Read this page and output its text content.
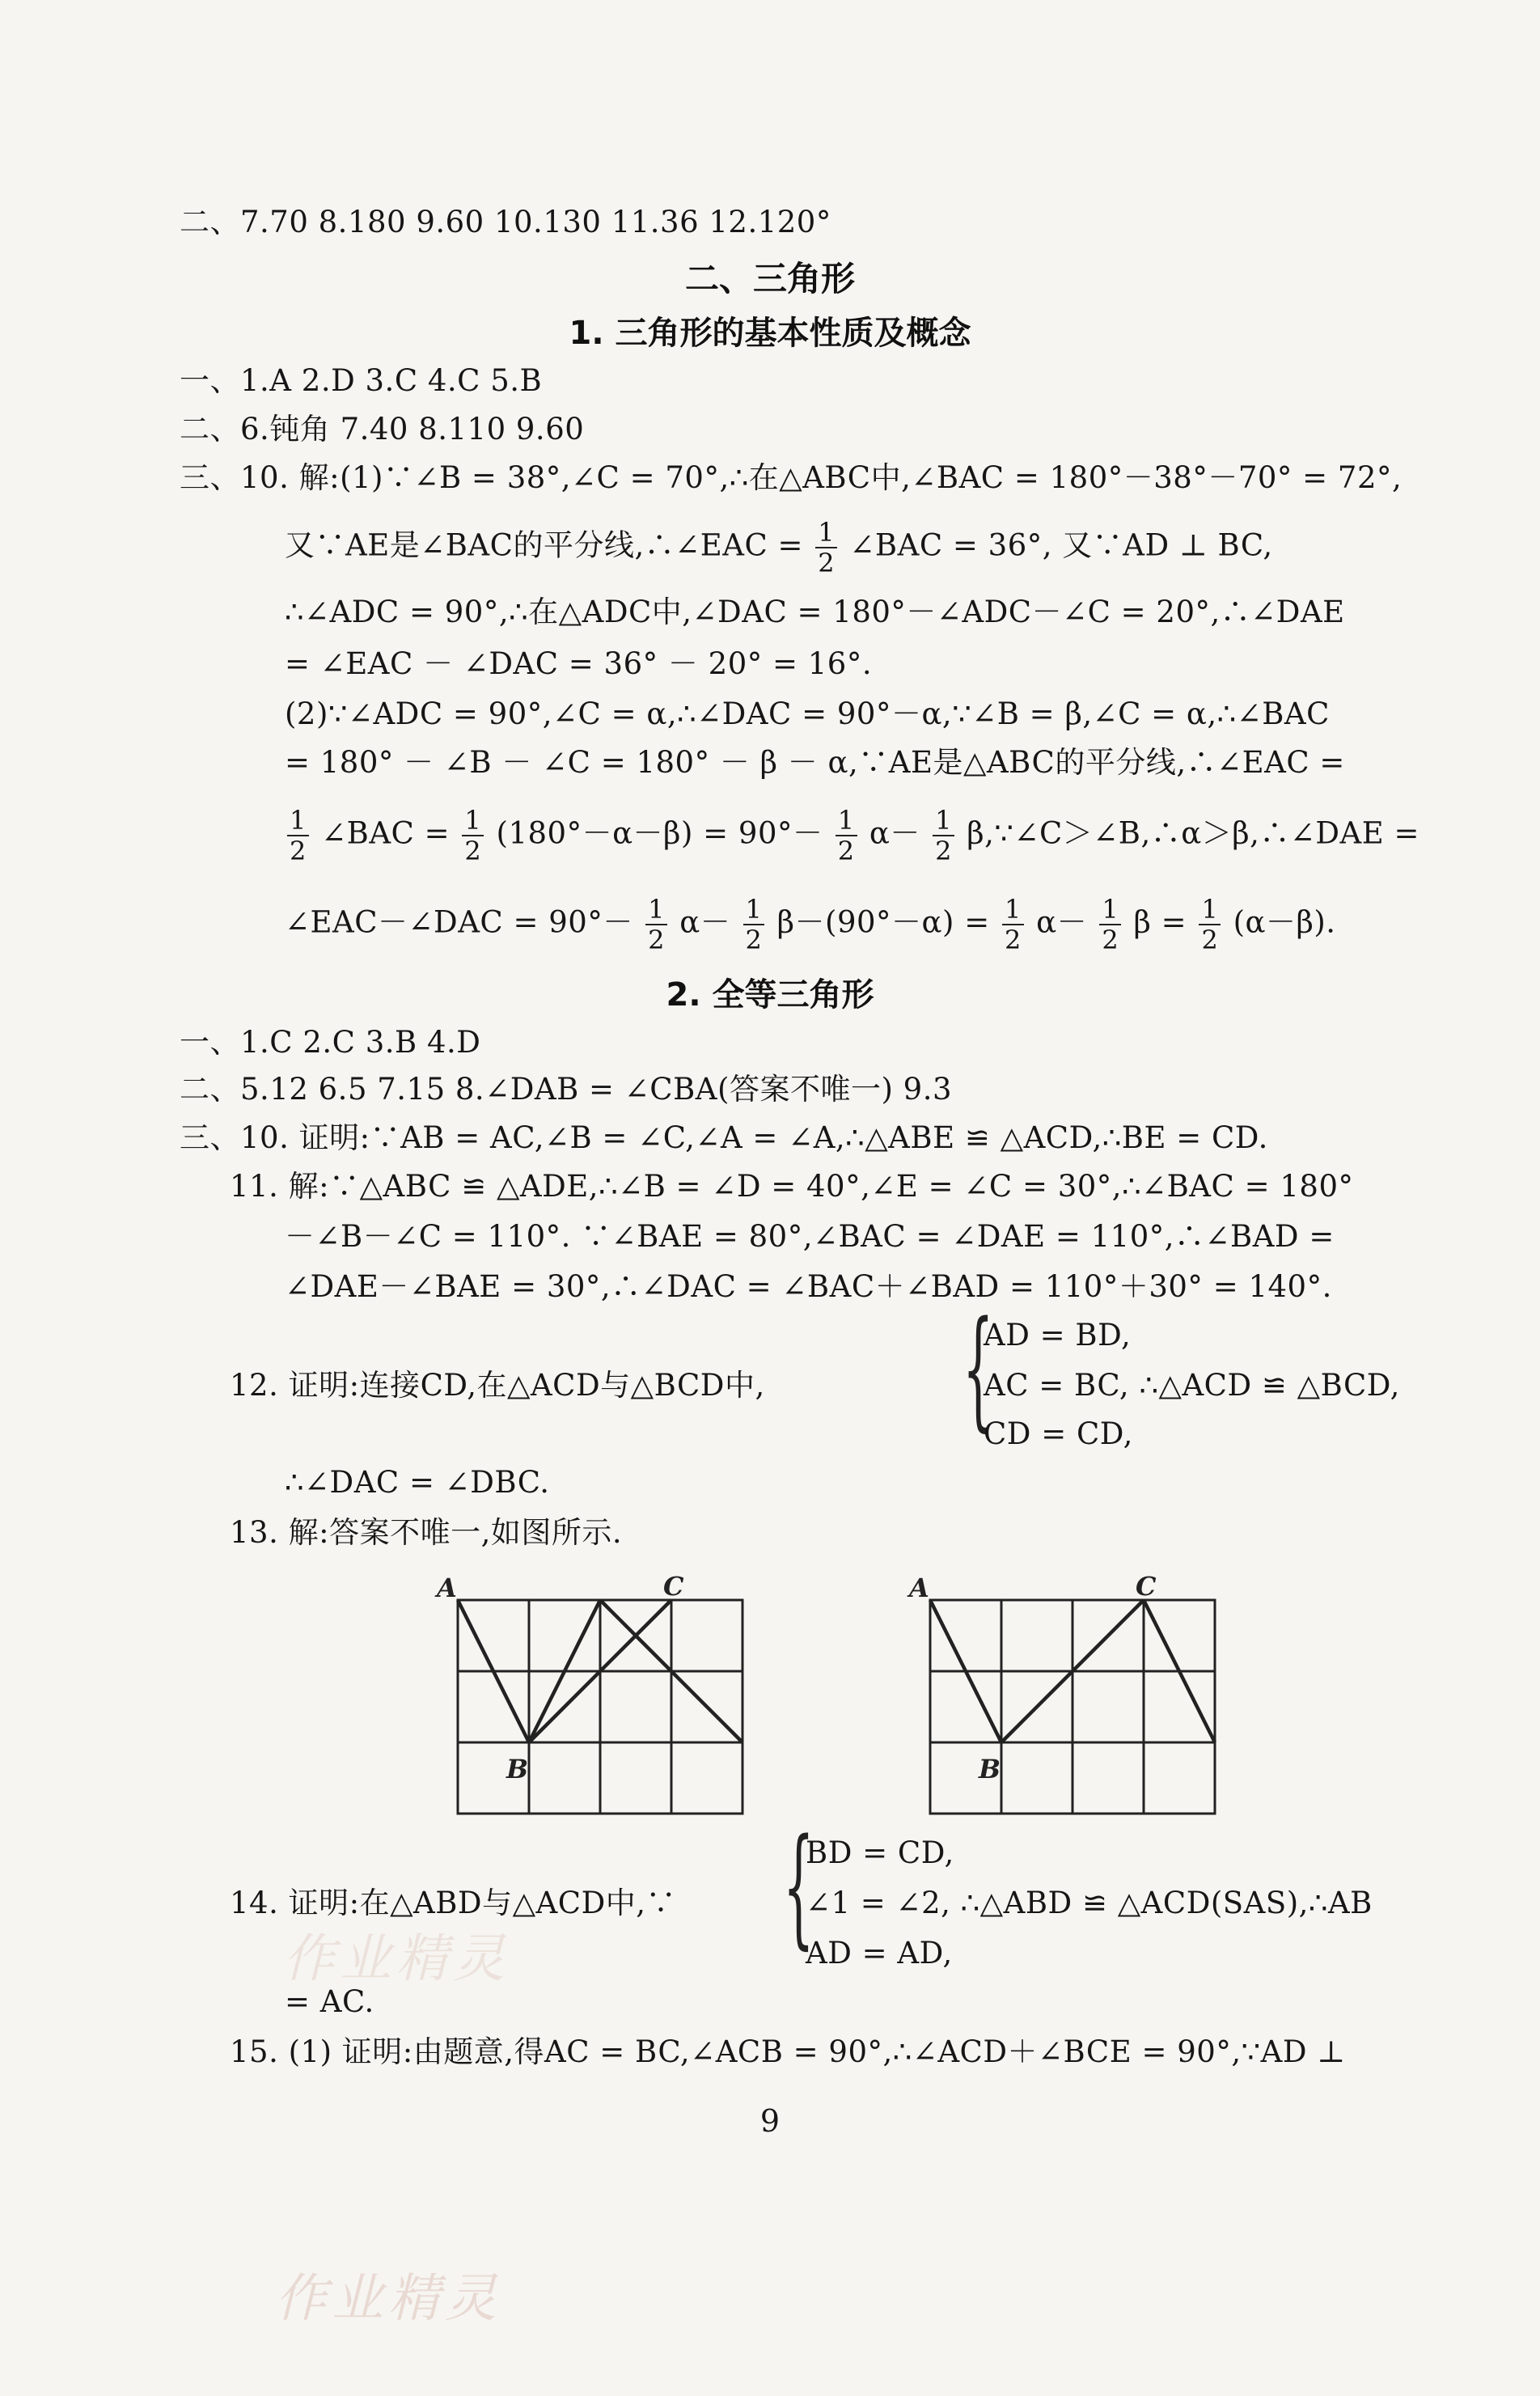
二、7.70 8.180 9.60 10.130 11.36 12.120°
二、三角形
1. 三角形的基本性质及概念
一、1.A 2.D 3.C 4.C 5.B
二、6.钝角 7.40 8.110 9.60
三、10. 解:(1)∵∠B = 38°,∠C = 70°,∴在△ABC中,∠BAC = 180°－38°－70° = 72°,
又∵AE是∠BAC的平分线,∴∠EAC = $\frac{1}{2}$ ∠BAC = 36°, 又∵AD ⊥ BC,
∴∠ADC = 90°,∴在△ADC中,∠DAC = 180°－∠ADC－∠C = 20°,∴∠DAE
= ∠EAC － ∠DAC = 36° － 20° = 16°.
(2)∵∠ADC = 90°,∠C = α,∴∠DAC = 90°－α,∵∠B = β,∠C = α,∴∠BAC
= 180° － ∠B － ∠C = 180° － β － α,∵AE是△ABC的平分线,∴∠EAC =
$\frac{1}{2}$ ∠BAC = $\frac{1}{2} (180^\circ-\alpha-\beta) = 90^\circ- \frac{1}{2} \alpha- \frac{1}{2}$ β,∵∠C＞∠B,∴α＞β,∴∠DAE =
∠EAC－∠DAC = $90^\circ- \frac{1}{2} \alpha- \frac{1}{2} \beta-(90^\circ-\alpha) = \frac{1}{2} \alpha- \frac{1}{2}$ $\beta = \frac{1}{2} (\alpha-\beta)$.
2. 全等三角形
一、1.C 2.C 3.B 4.D
二、5.12 6.5 7.15 8.∠DAB = ∠CBA(答案不唯一) 9.3
三、10. 证明:∵AB = AC,∠B = ∠C,∠A = ∠A,∴△ABE ≌ △ACD,∴BE = CD.
11. 解:∵△ABC ≌ △ADE,∴∠B = ∠D = 40°,∠E = ∠C = 30°,∴∠BAC = 180°
－∠B－∠C = 110°. ∵∠BAE = 80°,∠BAC = ∠DAE = 110°,∴∠BAD =
∠DAE－∠BAE = 30°,∴∠DAC = ∠BAC＋∠BAD = 110°＋30° = 140°.
12. 证明:连接CD,在△ACD与△BCD中, {
AD = BD,
AC = BC, ∴△ACD ≌ △BCD,
CD = CD,
∴∠DAC = ∠DBC.
13. 解:答案不唯一,如图所示.
A	C
B
A	C
B
14. 证明:在△ABD与△ACD中,∵ {
BD = CD,
∠1 = ∠2, ∴△ABD ≌ △ACD(SAS),∴AB
AD = AD,
= AC.
15. (1) 证明:由题意,得AC = BC,∠ACB = 90°,∴∠ACD＋∠BCE = 90°,∵AD ⊥
作业精灵
作业精灵
9
